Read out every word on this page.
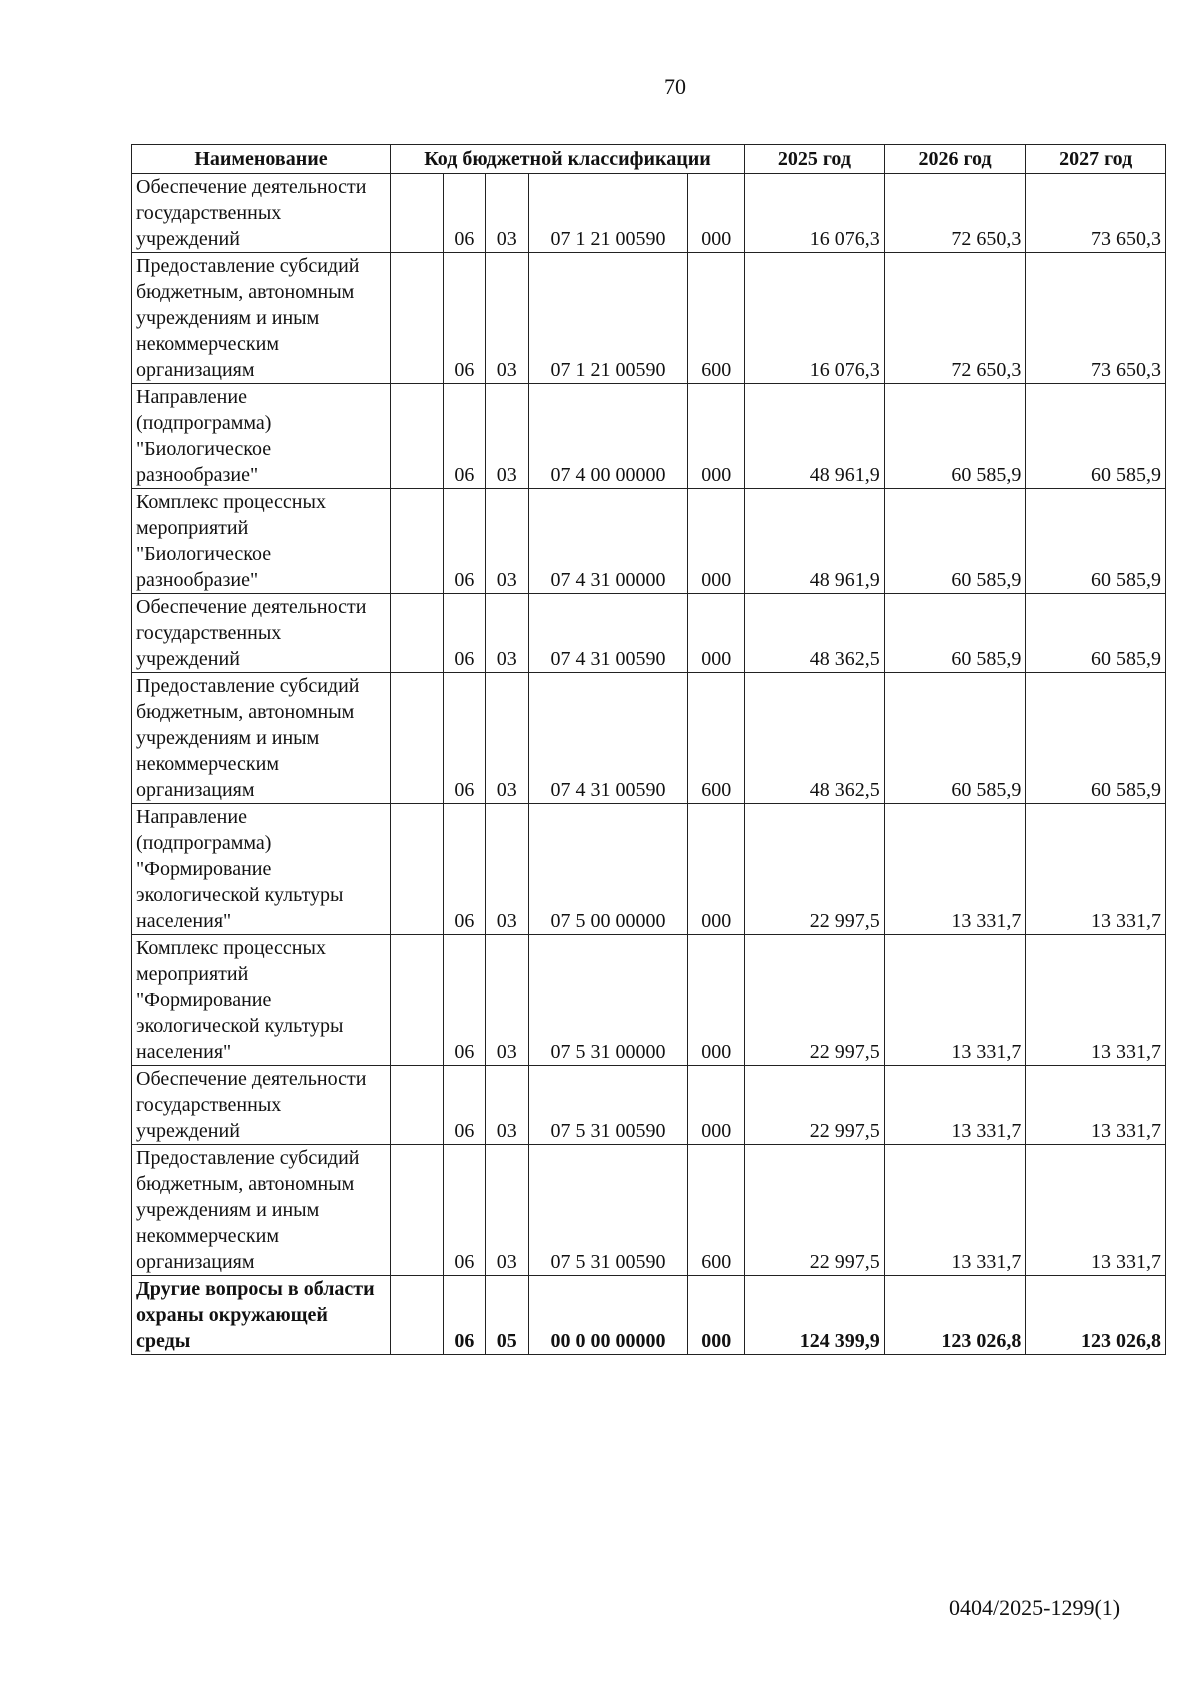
70
Наименование	Код бюджетной классификации					2025 год	2026 год	2027 год
Обеспечение деятельности государственных учреждений		06	03	07 1 21 00590	000	16 076,3	72 650,3	73 650,3
Предоставление субсидий бюджетным, автономным учреждениям и иным некоммерческим организациям		06	03	07 1 21 00590	600	16 076,3	72 650,3	73 650,3
Направление (подпрограмма) "Биологическое разнообразие"		06	03	07 4 00 00000	000	48 961,9	60 585,9	60 585,9
Комплекс процессных мероприятий "Биологическое разнообразие"		06	03	07 4 31 00000	000	48 961,9	60 585,9	60 585,9
Обеспечение деятельности государственных учреждений		06	03	07 4 31 00590	000	48 362,5	60 585,9	60 585,9
Предоставление субсидий бюджетным, автономным учреждениям и иным некоммерческим организациям		06	03	07 4 31 00590	600	48 362,5	60 585,9	60 585,9
Направление (подпрограмма) "Формирование экологической культуры населения"		06	03	07 5 00 00000	000	22 997,5	13 331,7	13 331,7
Комплекс процессных мероприятий "Формирование экологической культуры населения"		06	03	07 5 31 00000	000	22 997,5	13 331,7	13 331,7
Обеспечение деятельности государственных учреждений		06	03	07 5 31 00590	000	22 997,5	13 331,7	13 331,7
Предоставление субсидий бюджетным, автономным учреждениям и иным некоммерческим организациям		06	03	07 5 31 00590	600	22 997,5	13 331,7	13 331,7
Другие вопросы в области охраны окружающей среды		06	05	00 0 00 00000	000	124 399,9	123 026,8	123 026,8
0404/2025-1299(1)
